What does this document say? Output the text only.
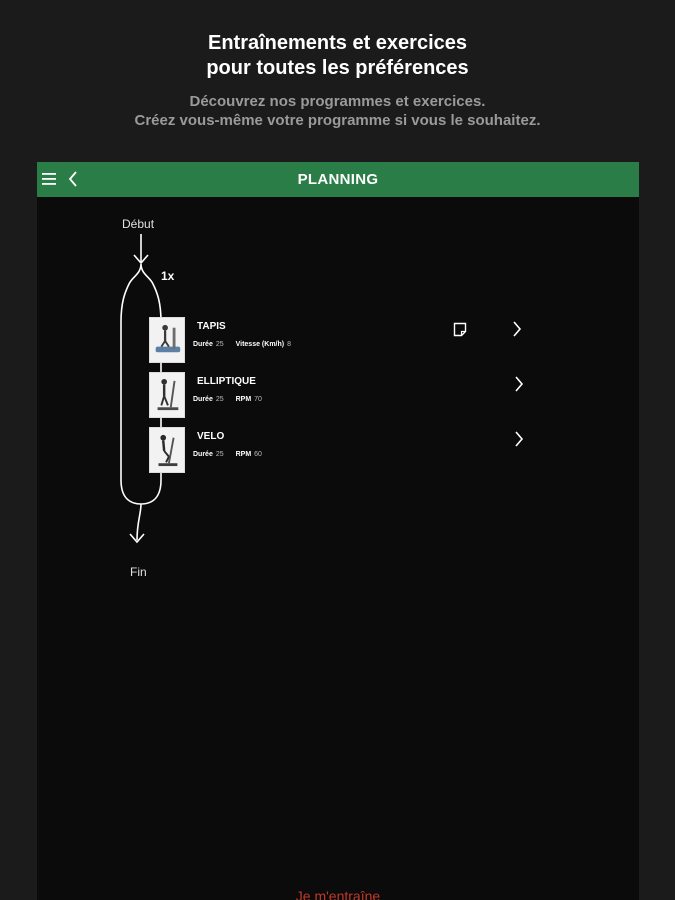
Entraînements et exercices
pour toutes les préférences
Découvrez nos programmes et exercices.
Créez vous-même votre programme si vous le souhaitez.
PLANNING
Début
1x
Fin
TAPIS
Durée 25 Vitesse (Km/h) 8
ELLIPTIQUE
Durée 25 RPM 70
VELO
Durée 25 RPM 60
Je m'entraîne
